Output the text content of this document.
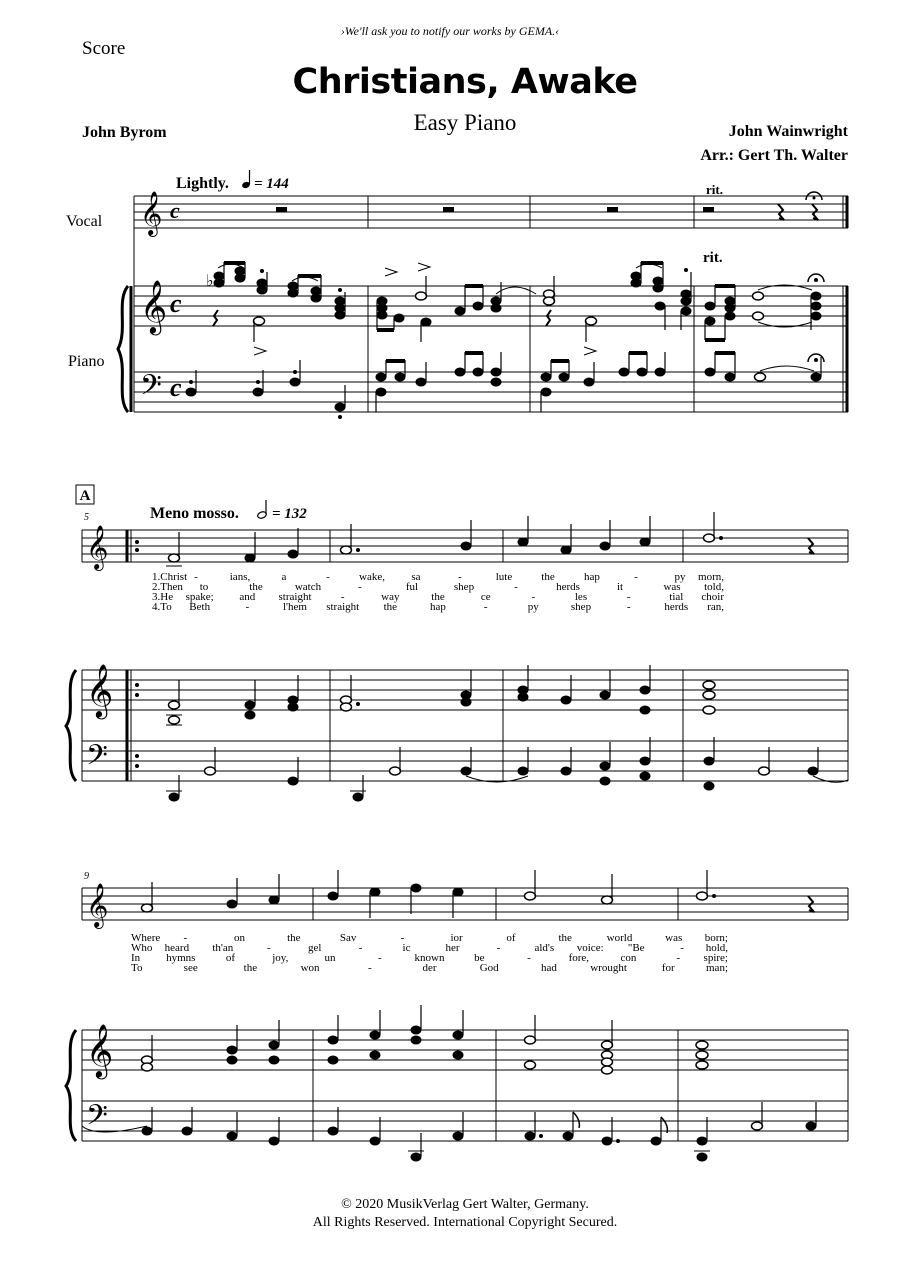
›We'll ask you to notify our works by GEMA.‹
Score
Christians, Awake
Easy Piano
John Byrom	John Wainwright
Arr.: Gert Th. Walter
Lightly. = 144
Vocal
Piano
rit.
rit.
𝄞
𝄞
𝄢
c
c
c
♭
A
5	Meno mosso. = 132
𝄞
𝄞
𝄢
1.Christ -	ians,	a	-	wake, sa	-	lute	the	hap	-	py morn,
2.Then to	the	watch	-	ful	shep	-	herds	it	was told,
3.He spake; and straight	-	way	the	ce	-	les	-	tial choir
4.To Beth	-	l'hem straight the	hap	-	py	shep	-	herds ran,
9
𝄞
𝄞
𝄢
Where -	on	the	Sav	-	ior	of	the	world	was born;
Who heard th'an	-	gel	-	ic	her	-	ald's voice: "Be	- hold,
In hymns	of	joy,	un	-	known	be	-	fore,	con	- spire;
To	see	the	won	-	der	God	had	wrought	for	man;
© 2020 MusikVerlag Gert Walter, Germany.
All Rights Reserved. International Copyright Secured.
